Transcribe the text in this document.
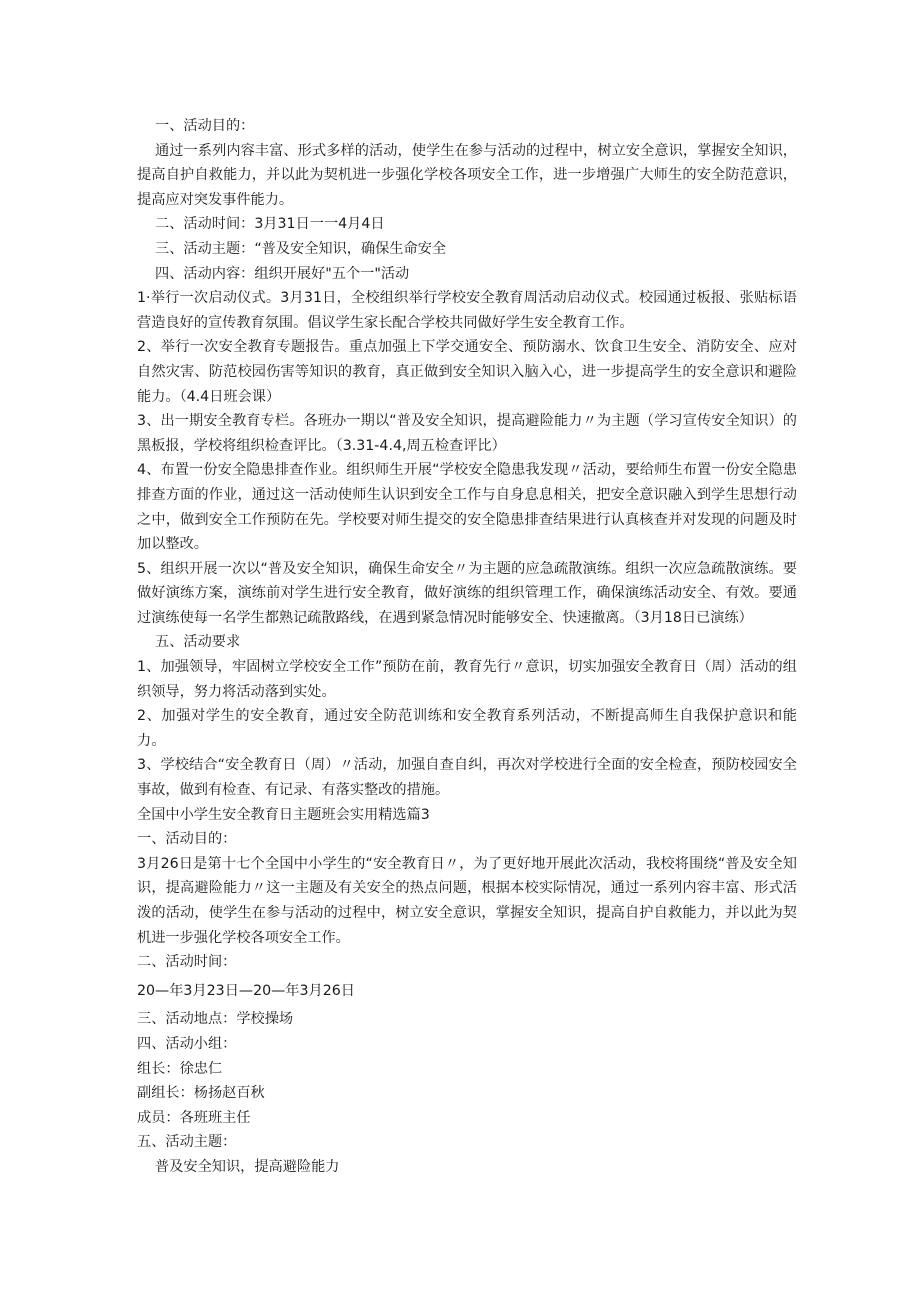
一、活动目的：

通过一系列内容丰富、形式多样的活动，使学生在参与活动的过程中，树立安全意识，掌握安全知识，提高自护自救能力，并以此为契机进一步强化学校各项安全工作，进一步增强广大师生的安全防范意识，提高应对突发事件能力。

二、活动时间：3月31日一一4月4日

三、活动主题：“普及安全知识，确保生命安全

四、活动内容：组织开展好"五个一"活动

1·举行一次启动仪式。3月31日，全校组织举行学校安全教育周活动启动仪式。校园通过板报、张贴标语营造良好的宣传教育氛围。倡议学生家长配合学校共同做好学生安全教育工作。

2、举行一次安全教育专题报告。重点加强上下学交通安全、预防溺水、饮食卫生安全、消防安全、应对自然灾害、防范校园伤害等知识的教育，真正做到安全知识入脑入心，进一步提高学生的安全意识和避险能力。（4.4日班会课）

3、出一期安全教育专栏。各班办一期以“普及安全知识，提高避险能力〃为主题（学习宣传安全知识）的黑板报，学校将组织检查评比。（3.31-4.4,周五检查评比）

4、布置一份安全隐患排查作业。组织师生开展“学校安全隐患我发现〃活动，要给师生布置一份安全隐患排查方面的作业，通过这一活动使师生认识到安全工作与自身息息相关，把安全意识融入到学生思想行动之中，做到安全工作预防在先。学校要对师生提交的安全隐患排查结果进行认真核查并对发现的问题及时加以整改。

5、组织开展一次以“普及安全知识，确保生命安全〃为主题的应急疏散演练。组织一次应急疏散演练。要做好演练方案，演练前对学生进行安全教育，做好演练的组织管理工作，确保演练活动安全、有效。要通过演练使每一名学生都熟记疏散路线，在遇到紧急情况时能够安全、快速撤离。（3月18日已演练）

五、活动要求

1、加强领导，牢固树立学校安全工作”预防在前，教育先行〃意识，切实加强安全教育日（周）活动的组织领导，努力将活动落到实处。

2、加强对学生的安全教育，通过安全防范训练和安全教育系列活动，不断提高师生自我保护意识和能力。

3、学校结合“安全教育日（周）〃活动，加强自查自纠，再次对学校进行全面的安全检查，预防校园安全事故，做到有检查、有记录、有落实整改的措施。

全国中小学生安全教育日主题班会实用精选篇3

一、活动目的：

3月26日是第十七个全国中小学生的“安全教育日〃，为了更好地开展此次活动，我校将围绕“普及安全知识，提高避险能力〃这一主题及有关安全的热点问题，根据本校实际情况，通过一系列内容丰富、形式活泼的活动，使学生在参与活动的过程中，树立安全意识，掌握安全知识，提高自护自救能力，并以此为契机进一步强化学校各项安全工作。

二、活动时间：

20—年3月23日—20—年3月26日

三、活动地点：学校操场

四、活动小组：

组长：徐忠仁

副组长：杨扬赵百秋

成员：各班班主任

五、活动主题：

普及安全知识，提高避险能力
